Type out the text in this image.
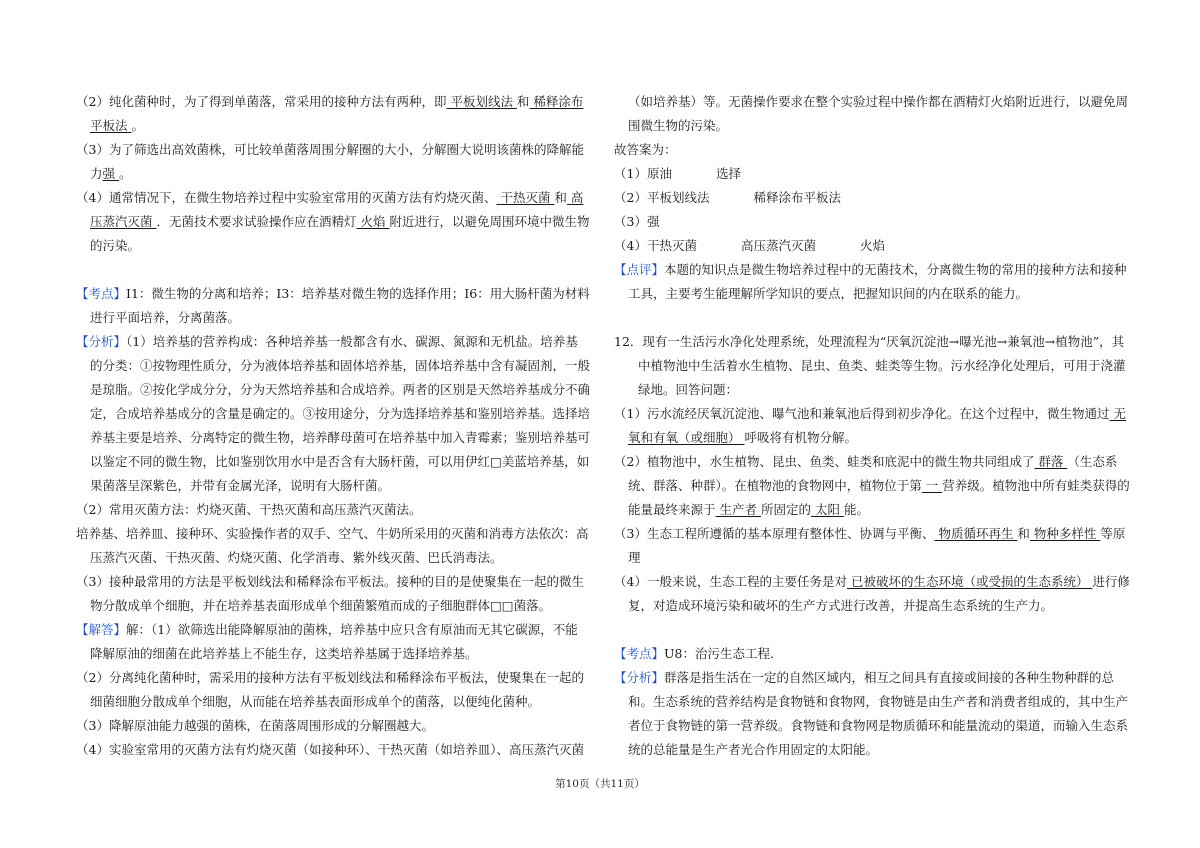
（2）纯化菌种时，为了得到单菌落，常采用的接种方法有两种，即 平板划线法 和 稀释涂布平板法 。

（3）为了筛选出高效菌株，可比较单菌落周围分解圈的大小，分解圈大说明该菌株的降解能力强 。

（4）通常情况下，在微生物培养过程中实验室常用的灭菌方法有灼烧灭菌、 干热灭菌 和 高压蒸汽灭菌 ．无菌技术要求试验操作应在酒精灯 火焰 附近进行，以避免周围环境中微生物的污染。

【考点】I1：微生物的分离和培养；I3：培养基对微生物的选择作用；I6：用大肠杆菌为材料进行平面培养，分离菌落。

【分析】（1）培养基的营养构成：各种培养基一般都含有水、碳源、氮源和无机盐。培养基的分类：①按物理性质分，分为液体培养基和固体培养基，固体培养基中含有凝固剂，一般是琼脂。②按化学成分分，分为天然培养基和合成培养。两者的区别是天然培养基成分不确定，合成培养基成分的含量是确定的。③按用途分，分为选择培养基和鉴别培养基。选择培养基主要是培养、分离特定的微生物，培养酵母菌可在培养基中加入青霉素；鉴别培养基可以鉴定不同的微生物，比如鉴别饮用水中是否含有大肠杆菌，可以用伊红□美蓝培养基，如果菌落呈深紫色，并带有金属光泽，说明有大肠杆菌。

（2）常用灭菌方法：灼烧灭菌、干热灭菌和高压蒸汽灭菌法。

培养基、培养皿、接种环、实验操作者的双手、空气、牛奶所采用的灭菌和消毒方法依次：高压蒸汽灭菌、干热灭菌、灼烧灭菌、化学消毒、紫外线灭菌、巴氏消毒法。

（3）接种最常用的方法是平板划线法和稀释涂布平板法。接种的目的是使聚集在一起的微生物分散成单个细胞，并在培养基表面形成单个细菌繁殖而成的子细胞群体□□菌落。

【解答】解：（1）欲筛选出能降解原油的菌株，培养基中应只含有原油而无其它碳源，不能降解原油的细菌在此培养基上不能生存，这类培养基属于选择培养基。

（2）分离纯化菌种时，需采用的接种方法有平板划线法和稀释涂布平板法，使聚集在一起的细菌细胞分散成单个细胞，从而能在培养基表面形成单个的菌落，以便纯化菌种。

（3）降解原油能力越强的菌株，在菌落周围形成的分解圈越大。

（4）实验室常用的灭菌方法有灼烧灭菌（如接种环）、干热灭菌（如培养皿）、高压蒸汽灭菌

（如培养基）等。无菌操作要求在整个实验过程中操作都在酒精灯火焰附近进行，以避免周围微生物的污染。

故答案为：

（1）原油	选择

（2）平板划线法	稀释涂布平板法

（3）强

（4）干热灭菌	高压蒸汽灭菌	火焰

【点评】本题的知识点是微生物培养过程中的无菌技术，分离微生物的常用的接种方法和接种工具，主要考生能理解所学知识的要点，把握知识间的内在联系的能力。

12．现有一生活污水净化处理系统，处理流程为“厌氧沉淀池→曝光池→兼氧池→植物池”，其中植物池中生活着水生植物、昆虫、鱼类、蛙类等生物。污水经净化处理后，可用于浇灌绿地。回答问题：

（1）污水流经厌氧沉淀池、曝气池和兼氧池后得到初步净化。在这个过程中，微生物通过 无氧和有氧（或细胞） 呼吸将有机物分解。

（2）植物池中，水生植物、昆虫、鱼类、蛙类和底泥中的微生物共同组成了 群落 （生态系统、群落、种群）。在植物池的食物网中，植物位于第 一 营养级。植物池中所有蛙类获得的能量最终来源于 生产者 所固定的 太阳 能。

（3）生态工程所遵循的基本原理有整体性、协调与平衡、 物质循环再生 和 物种多样性 等原理

（4）一般来说，生态工程的主要任务是对 已被破坏的生态环境（或受损的生态系统） 进行修复，对造成环境污染和破坏的生产方式进行改善，并提高生态系统的生产力。

【考点】U8：治污生态工程．

【分析】群落是指生活在一定的自然区域内，相互之间具有直接或间接的各种生物种群的总和。生态系统的营养结构是食物链和食物网，食物链是由生产者和消费者组成的，其中生产者位于食物链的第一营养级。食物链和食物网是物质循环和能量流动的渠道，而输入生态系统的总能量是生产者光合作用固定的太阳能。

第10页（共11页）
